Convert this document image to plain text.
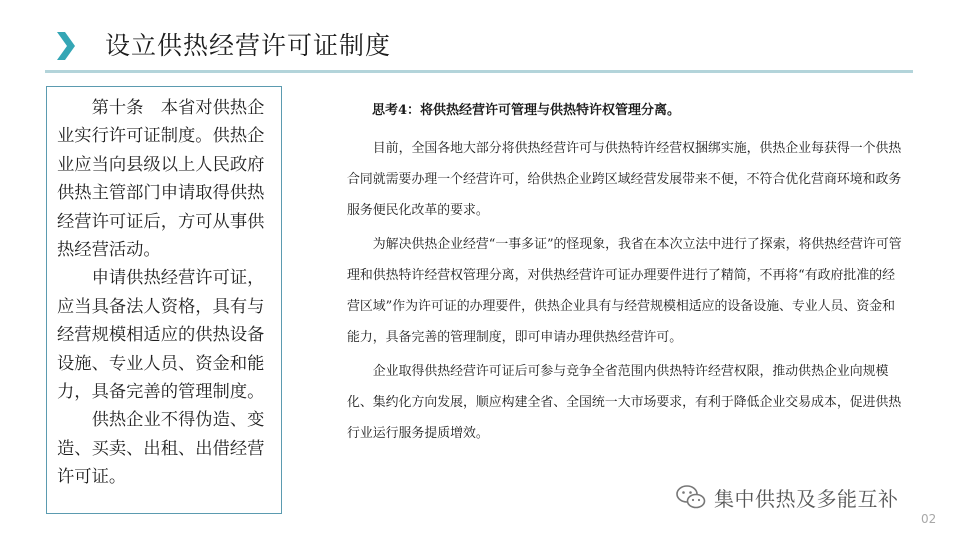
设立供热经营许可证制度

第十条　本省对供热企业实行许可证制度。供热企业应当向县级以上人民政府供热主管部门申请取得供热经营许可证后，方可从事供热经营活动。

申请供热经营许可证，应当具备法人资格，具有与经营规模相适应的供热设备设施、专业人员、资金和能力，具备完善的管理制度。

供热企业不得伪造、变造、买卖、出租、出借经营许可证。

思考4：将供热经营许可管理与供热特许权管理分离。

目前，全国各地大部分将供热经营许可与供热特许经营权捆绑实施，供热企业每获得一个供热合同就需要办理一个经营许可，给供热企业跨区域经营发展带来不便，不符合优化营商环境和政务服务便民化改革的要求。

为解决供热企业经营“一事多证”的怪现象，我省在本次立法中进行了探索，将供热经营许可管理和供热特许经营权管理分离，对供热经营许可证办理要件进行了精简，不再将“有政府批准的经营区域”作为许可证的办理要件，供热企业具有与经营规模相适应的设备设施、专业人员、资金和能力，具备完善的管理制度，即可申请办理供热经营许可。

企业取得供热经营许可证后可参与竞争全省范围内供热特许经营权限，推动供热企业向规模化、集约化方向发展，顺应构建全省、全国统一大市场要求，有利于降低企业交易成本，促进供热行业运行服务提质增效。

集中供热及多能互补
02
